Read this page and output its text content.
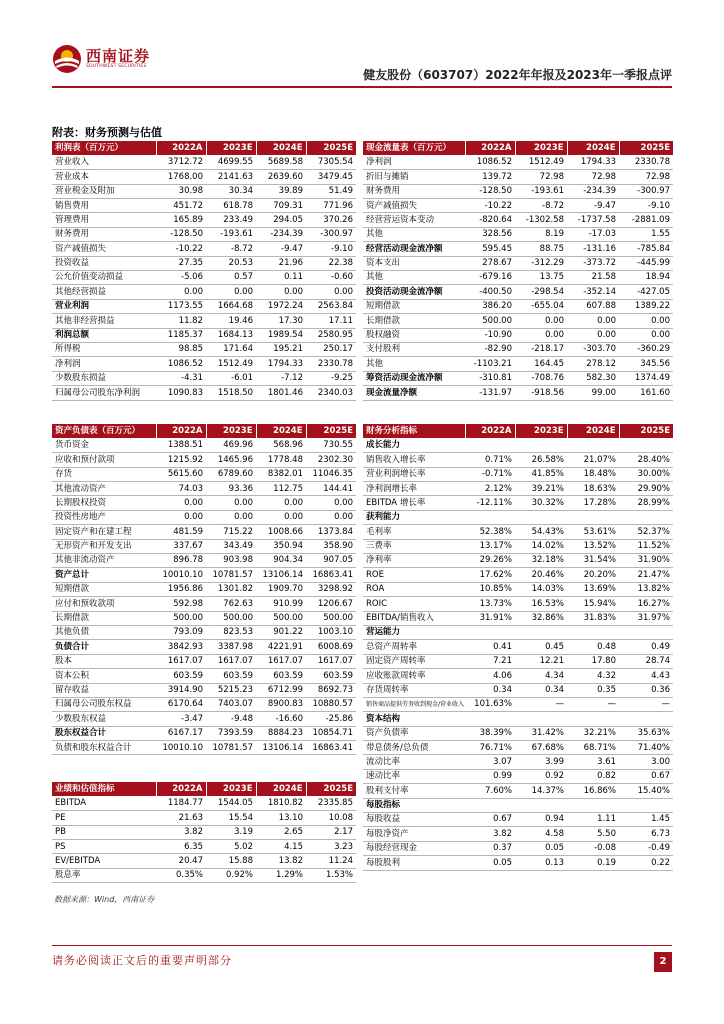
西南证券
SOUTHWEST SECURITIES
健友股份（603707）2022年年报及2023年一季报点评
附表：财务预测与估值
利润表（百万元）	2022A	2023E	2024E	2025E
营业收入	3712.72	4699.55	5689.58	7305.54
营业成本	1768.00	2141.63	2639.60	3479.45
营业税金及附加	30.98	30.34	39.89	51.49
销售费用	451.72	618.78	709.31	771.96
管理费用	165.89	233.49	294.05	370.26
财务费用	-128.50	-193.61	-234.39	-300.97
资产减值损失	-10.22	-8.72	-9.47	-9.10
投资收益	27.35	20.53	21.96	22.38
公允价值变动损益	-5.06	0.57	0.11	-0.60
其他经营损益	0.00	0.00	0.00	0.00
营业利润	1173.55	1664.68	1972.24	2563.84
其他非经营损益	11.82	19.46	17.30	17.11
利润总额	1185.37	1684.13	1989.54	2580.95
所得税	98.85	171.64	195.21	250.17
净利润	1086.52	1512.49	1794.33	2330.78
少数股东损益	-4.31	-6.01	-7.12	-9.25
归属母公司股东净利润	1090.83	1518.50	1801.46	2340.03
现金流量表（百万元）	2022A	2023E	2024E	2025E
净利润	1086.52	1512.49	1794.33	2330.78
折旧与摊销	139.72	72.98	72.98	72.98
财务费用	-128.50	-193.61	-234.39	-300.97
资产减值损失	-10.22	-8.72	-9.47	-9.10
经营营运资本变动	-820.64	-1302.58	-1737.58	-2881.09
其他	328.56	8.19	-17.03	1.55
经营活动现金流净额	595.45	88.75	-131.16	-785.84
资本支出	278.67	-312.29	-373.72	-445.99
其他	-679.16	13.75	21.58	18.94
投资活动现金流净额	-400.50	-298.54	-352.14	-427.05
短期借款	386.20	-655.04	607.88	1389.22
长期借款	500.00	0.00	0.00	0.00
股权融资	-10.90	0.00	0.00	0.00
支付股利	-82.90	-218.17	-303.70	-360.29
其他	-1103.21	164.45	278.12	345.56
筹资活动现金流净额	-310.81	-708.76	582.30	1374.49
现金流量净额	-131.97	-918.56	99.00	161.60
资产负债表（百万元）	2022A	2023E	2024E	2025E
货币资金	1388.51	469.96	568.96	730.55
应收和预付款项	1215.92	1465.96	1778.48	2302.30
存货	5615.60	6789.60	8382.01	11046.35
其他流动资产	74.03	93.36	112.75	144.41
长期股权投资	0.00	0.00	0.00	0.00
投资性房地产	0.00	0.00	0.00	0.00
固定资产和在建工程	481.59	715.22	1008.66	1373.84
无形资产和开发支出	337.67	343.49	350.94	358.90
其他非流动资产	896.78	903.98	904.34	907.05
资产总计	10010.10	10781.57	13106.14	16863.41
短期借款	1956.86	1301.82	1909.70	3298.92
应付和预收款项	592.98	762.63	910.99	1206.67
长期借款	500.00	500.00	500.00	500.00
其他负债	793.09	823.53	901.22	1003.10
负债合计	3842.93	3387.98	4221.91	6008.69
股本	1617.07	1617.07	1617.07	1617.07
资本公积	603.59	603.59	603.59	603.59
留存收益	3914.90	5215.23	6712.99	8692.73
归属母公司股东权益	6170.64	7403.07	8900.83	10880.57
少数股东权益	-3.47	-9.48	-16.60	-25.86
股东权益合计	6167.17	7393.59	8884.23	10854.71
负债和股东权益合计	10010.10	10781.57	13106.14	16863.41
财务分析指标	2022A	2023E	2024E	2025E
成长能力				
销售收入增长率	0.71%	26.58%	21.07%	28.40%
营业利润增长率	-0.71%	41.85%	18.48%	30.00%
净利润增长率	2.12%	39.21%	18.63%	29.90%
EBITDA 增长率	-12.11%	30.32%	17.28%	28.99%
获利能力				
毛利率	52.38%	54.43%	53.61%	52.37%
三费率	13.17%	14.02%	13.52%	11.52%
净利率	29.26%	32.18%	31.54%	31.90%
ROE	17.62%	20.46%	20.20%	21.47%
ROA	10.85%	14.03%	13.69%	13.82%
ROIC	13.73%	16.53%	15.94%	16.27%
EBITDA/销售收入	31.91%	32.86%	31.83%	31.97%
营运能力				
总资产周转率	0.41	0.45	0.48	0.49
固定资产周转率	7.21	12.21	17.80	28.74
应收账款周转率	4.06	4.34	4.32	4.43
存货周转率	0.34	0.34	0.35	0.36
销售商品提供劳务收到现金/营业收入	101.63%	—	—	—
资本结构				
资产负债率	38.39%	31.42%	32.21%	35.63%
带息债务/总负债	76.71%	67.68%	68.71%	71.40%
流动比率	3.07	3.99	3.61	3.00
速动比率	0.99	0.92	0.82	0.67
股利支付率	7.60%	14.37%	16.86%	15.40%
每股指标				
每股收益	0.67	0.94	1.11	1.45
每股净资产	3.82	4.58	5.50	6.73
每股经营现金	0.37	0.05	-0.08	-0.49
每股股利	0.05	0.13	0.19	0.22
业绩和估值指标	2022A	2023E	2024E	2025E
EBITDA	1184.77	1544.05	1810.82	2335.85
PE	21.63	15.54	13.10	10.08
PB	3.82	3.19	2.65	2.17
PS	6.35	5.02	4.15	3.23
EV/EBITDA	20.47	15.88	13.82	11.24
股息率	0.35%	0.92%	1.29%	1.53%
数据来源：Wind，西南证券
请务必阅读正文后的重要声明部分	2
